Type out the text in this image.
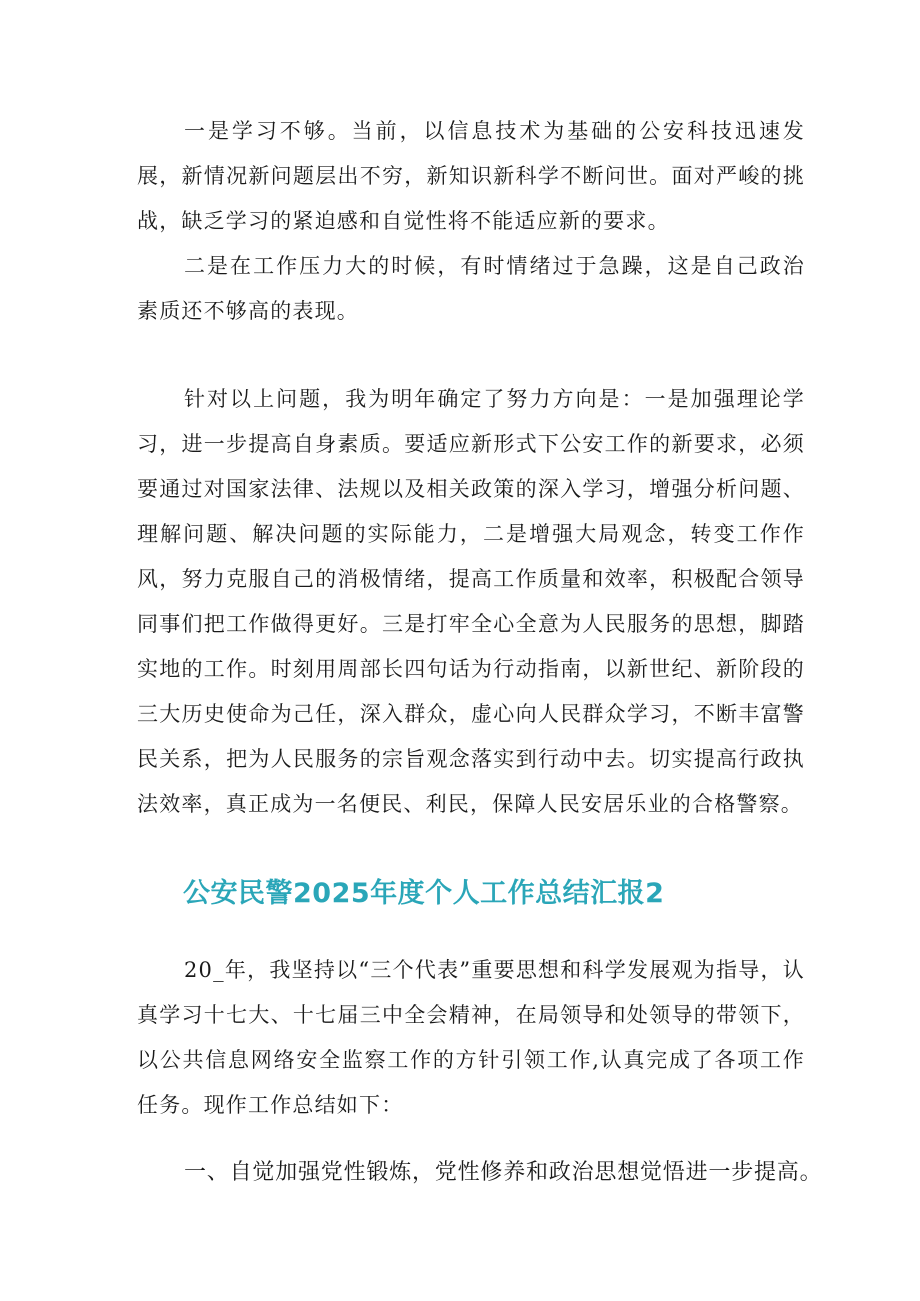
一是学习不够。当前，以信息技术为基础的公安科技迅速发展，新情况新问题层出不穷，新知识新科学不断问世。面对严峻的挑战，缺乏学习的紧迫感和自觉性将不能适应新的要求。

二是在工作压力大的时候，有时情绪过于急躁，这是自己政治素质还不够高的表现。

针对以上问题，我为明年确定了努力方向是：一是加强理论学习，进一步提高自身素质。要适应新形式下公安工作的新要求，必须要通过对国家法律、法规以及相关政策的深入学习，增强分析问题、理解问题、解决问题的实际能力，二是增强大局观念，转变工作作风，努力克服自己的消极情绪，提高工作质量和效率，积极配合领导同事们把工作做得更好。三是打牢全心全意为人民服务的思想，脚踏实地的工作。时刻用周部长四句话为行动指南，以新世纪、新阶段的三大历史使命为己任，深入群众，虚心向人民群众学习，不断丰富警民关系，把为人民服务的宗旨观念落实到行动中去。切实提高行政执法效率，真正成为一名便民、利民，保障人民安居乐业的合格警察。

公安民警2025年度个人工作总结汇报2

20_年，我坚持以“三个代表”重要思想和科学发展观为指导，认真学习十七大、十七届三中全会精神，在局领导和处领导的带领下，以公共信息网络安全监察工作的方针引领工作,认真完成了各项工作任务。现作工作总结如下：

一、自觉加强党性锻炼，党性修养和政治思想觉悟进一步提高。
